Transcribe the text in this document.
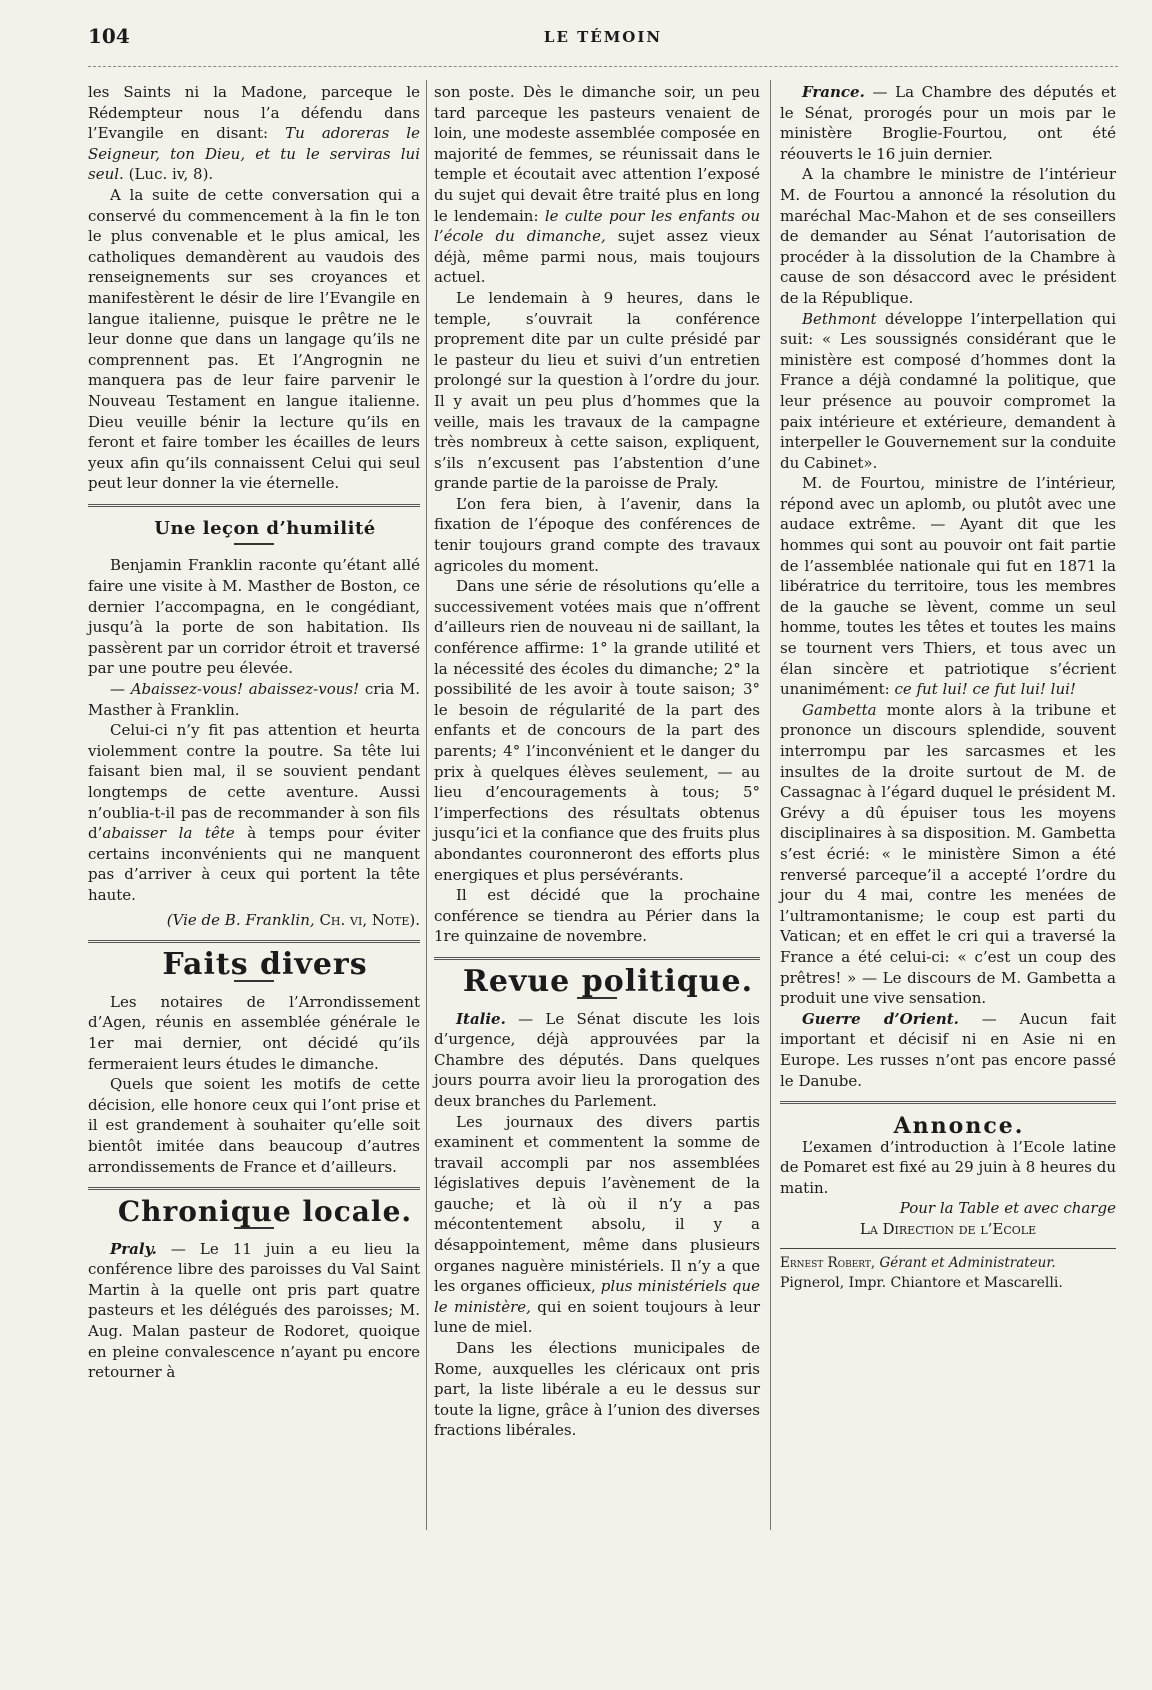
104	LE TÉMOIN

les Saints ni la Madone, parceque le Rédempteur nous l’a défendu dans l’Evangile en disant: Tu adoreras le Seigneur, ton Dieu, et tu le serviras lui seul. (Luc. iv, 8).

A la suite de cette conversation qui a conservé du commencement à la fin le ton le plus convenable et le plus amical, les catholiques demandèrent au vaudois des renseignements sur ses croyances et manifestèrent le désir de lire l’Evangile en langue italienne, puisque le prêtre ne le leur donne que dans un langage qu’ils ne comprennent pas. Et l’Angrognin ne manquera pas de leur faire parvenir le Nouveau Testament en langue italienne. Dieu veuille bénir la lecture qu’ils en feront et faire tomber les écailles de leurs yeux afin qu’ils connaissent Celui qui seul peut leur donner la vie éternelle.

Une leçon d’humilité

Benjamin Franklin raconte qu’étant allé faire une visite à M. Masther de Boston, ce dernier l’accompagna, en le congédiant, jusqu’à la porte de son habitation. Ils passèrent par un corridor étroit et traversé par une poutre peu élevée.

— Abaissez-vous! abaissez-vous! cria M. Masther à Franklin.

Celui-ci n’y fit pas attention et heurta violemment contre la poutre. Sa tête lui faisant bien mal, il se souvient pendant longtemps de cette aventure. Aussi n’oublia-t-il pas de recommander à son fils d’abaisser la tête à temps pour éviter certains inconvénients qui ne manquent pas d’arriver à ceux qui portent la tête haute.

(Vie de B. Franklin, Ch. vi, Note).

Faits divers

Les notaires de l’Arrondissement d’Agen, réunis en assemblée générale le 1er mai dernier, ont décidé qu’ils fermeraient leurs études le dimanche.

Quels que soient les motifs de cette décision, elle honore ceux qui l’ont prise et il est grandement à souhaiter qu’elle soit bientôt imitée dans beaucoup d’autres arrondissements de France et d’ailleurs.

Chronique locale.

Praly. — Le 11 juin a eu lieu la conférence libre des paroisses du Val Saint Martin à la quelle ont pris part quatre pasteurs et les délégués des paroisses; M. Aug. Malan pasteur de Rodoret, quoique en pleine convalescence n’ayant pu encore retourner à

son poste. Dès le dimanche soir, un peu tard parceque les pasteurs venaient de loin, une modeste assemblée composée en majorité de femmes, se réunissait dans le temple et écoutait avec attention l’exposé du sujet qui devait être traité plus en long le lendemain: le culte pour les enfants ou l’école du dimanche, sujet assez vieux déjà, même parmi nous, mais toujours actuel.

Le lendemain à 9 heures, dans le temple, s’ouvrait la conférence proprement dite par un culte présidé par le pasteur du lieu et suivi d’un entretien prolongé sur la question à l’ordre du jour. Il y avait un peu plus d’hommes que la veille, mais les travaux de la campagne très nombreux à cette saison, expliquent, s’ils n’excusent pas l’abstention d’une grande partie de la paroisse de Praly.

L’on fera bien, à l’avenir, dans la fixation de l’époque des conférences de tenir toujours grand compte des travaux agricoles du moment.

Dans une série de résolutions qu’elle a successivement votées mais que n’offrent d’ailleurs rien de nouveau ni de saillant, la conférence affirme: 1° la grande utilité et la nécessité des écoles du dimanche; 2° la possibilité de les avoir à toute saison; 3° le besoin de régularité de la part des enfants et de concours de la part des parents; 4° l’inconvénient et le danger du prix à quelques élèves seulement, — au lieu d’encouragements à tous; 5° l’imperfections des résultats obtenus jusqu’ici et la confiance que des fruits plus abondantes couronneront des efforts plus energiques et plus persévérants.

Il est décidé que la prochaine conférence se tiendra au Périer dans la 1re quinzaine de novembre.

Revue politique.

Italie. — Le Sénat discute les lois d’urgence, déjà approuvées par la Chambre des députés. Dans quelques jours pourra avoir lieu la prorogation des deux branches du Parlement.

Les journaux des divers partis examinent et commentent la somme de travail accompli par nos assemblées législatives depuis l’avènement de la gauche; et là où il n’y a pas mécontentement absolu, il y a désappointement, même dans plusieurs organes naguère ministériels. Il n’y a que les organes officieux, plus ministériels que le ministère, qui en soient toujours à leur lune de miel.

Dans les élections municipales de Rome, auxquelles les cléricaux ont pris part, la liste libérale a eu le dessus sur toute la ligne, grâce à l’union des diverses fractions libérales.

France. — La Chambre des députés et le Sénat, prorogés pour un mois par le ministère Broglie-Fourtou, ont été réouverts le 16 juin dernier.

A la chambre le ministre de l’intérieur M. de Fourtou a annoncé la résolution du maréchal Mac-Mahon et de ses conseillers de demander au Sénat l’autorisation de procéder à la dissolution de la Chambre à cause de son désaccord avec le président de la République.

Bethmont développe l’interpellation qui suit: « Les soussignés considérant que le ministère est composé d’hommes dont la France a déjà condamné la politique, que leur présence au pouvoir compromet la paix intérieure et extérieure, demandent à interpeller le Gouvernement sur la conduite du Cabinet».

M. de Fourtou, ministre de l’intérieur, répond avec un aplomb, ou plutôt avec une audace extrême. — Ayant dit que les hommes qui sont au pouvoir ont fait partie de l’assemblée nationale qui fut en 1871 la libératrice du territoire, tous les membres de la gauche se lèvent, comme un seul homme, toutes les têtes et toutes les mains se tournent vers Thiers, et tous avec un élan sincère et patriotique s’écrient unanimément: ce fut lui! ce fut lui! lui!

Gambetta monte alors à la tribune et prononce un discours splendide, souvent interrompu par les sarcasmes et les insultes de la droite surtout de M. de Cassagnac à l’égard duquel le président M. Grévy a dû épuiser tous les moyens disciplinaires à sa disposition. M. Gambetta s’est écrié: « le ministère Simon a été renversé parceque’il a accepté l’ordre du jour du 4 mai, contre les menées de l’ultramontanisme; le coup est parti du Vatican; et en effet le cri qui a traversé la France a été celui-ci: « c’est un coup des prêtres! » — Le discours de M. Gambetta a produit une vive sensation.

Guerre d’Orient. — Aucun fait important et décisif ni en Asie ni en Europe. Les russes n’ont pas encore passé le Danube.

Annonce.

L’examen d’introduction à l’Ecole latine de Pomaret est fixé au 29 juin à 8 heures du matin.

Pour la Table et avec charge

La Direction de l’Ecole

Ernest Robert, Gérant et Administrateur.

Pignerol, Impr. Chiantore et Mascarelli.
